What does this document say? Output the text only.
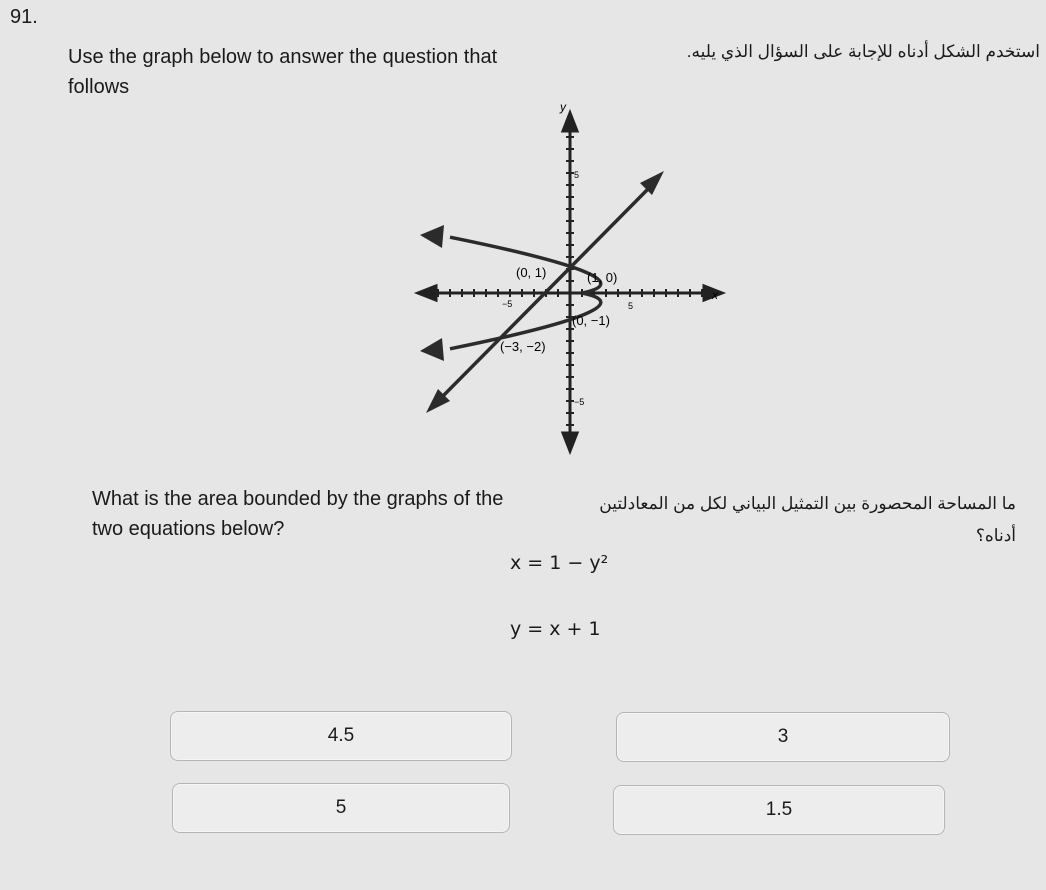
91.
Use the graph below to answer the question that follows
استخدم الشكل أدناه للإجابة على السؤال الذي يليه.
−5	5
5
−5
y
x
(0, 1)	(1, 0)
(0, −1)
(−3, −2)
What is the area bounded by the graphs of the two equations below?
ما المساحة المحصورة بين التمثيل البياني لكل من المعادلتين أدناه؟
x = 1 − y²
y = x + 1
4.5	3
5	1.5
